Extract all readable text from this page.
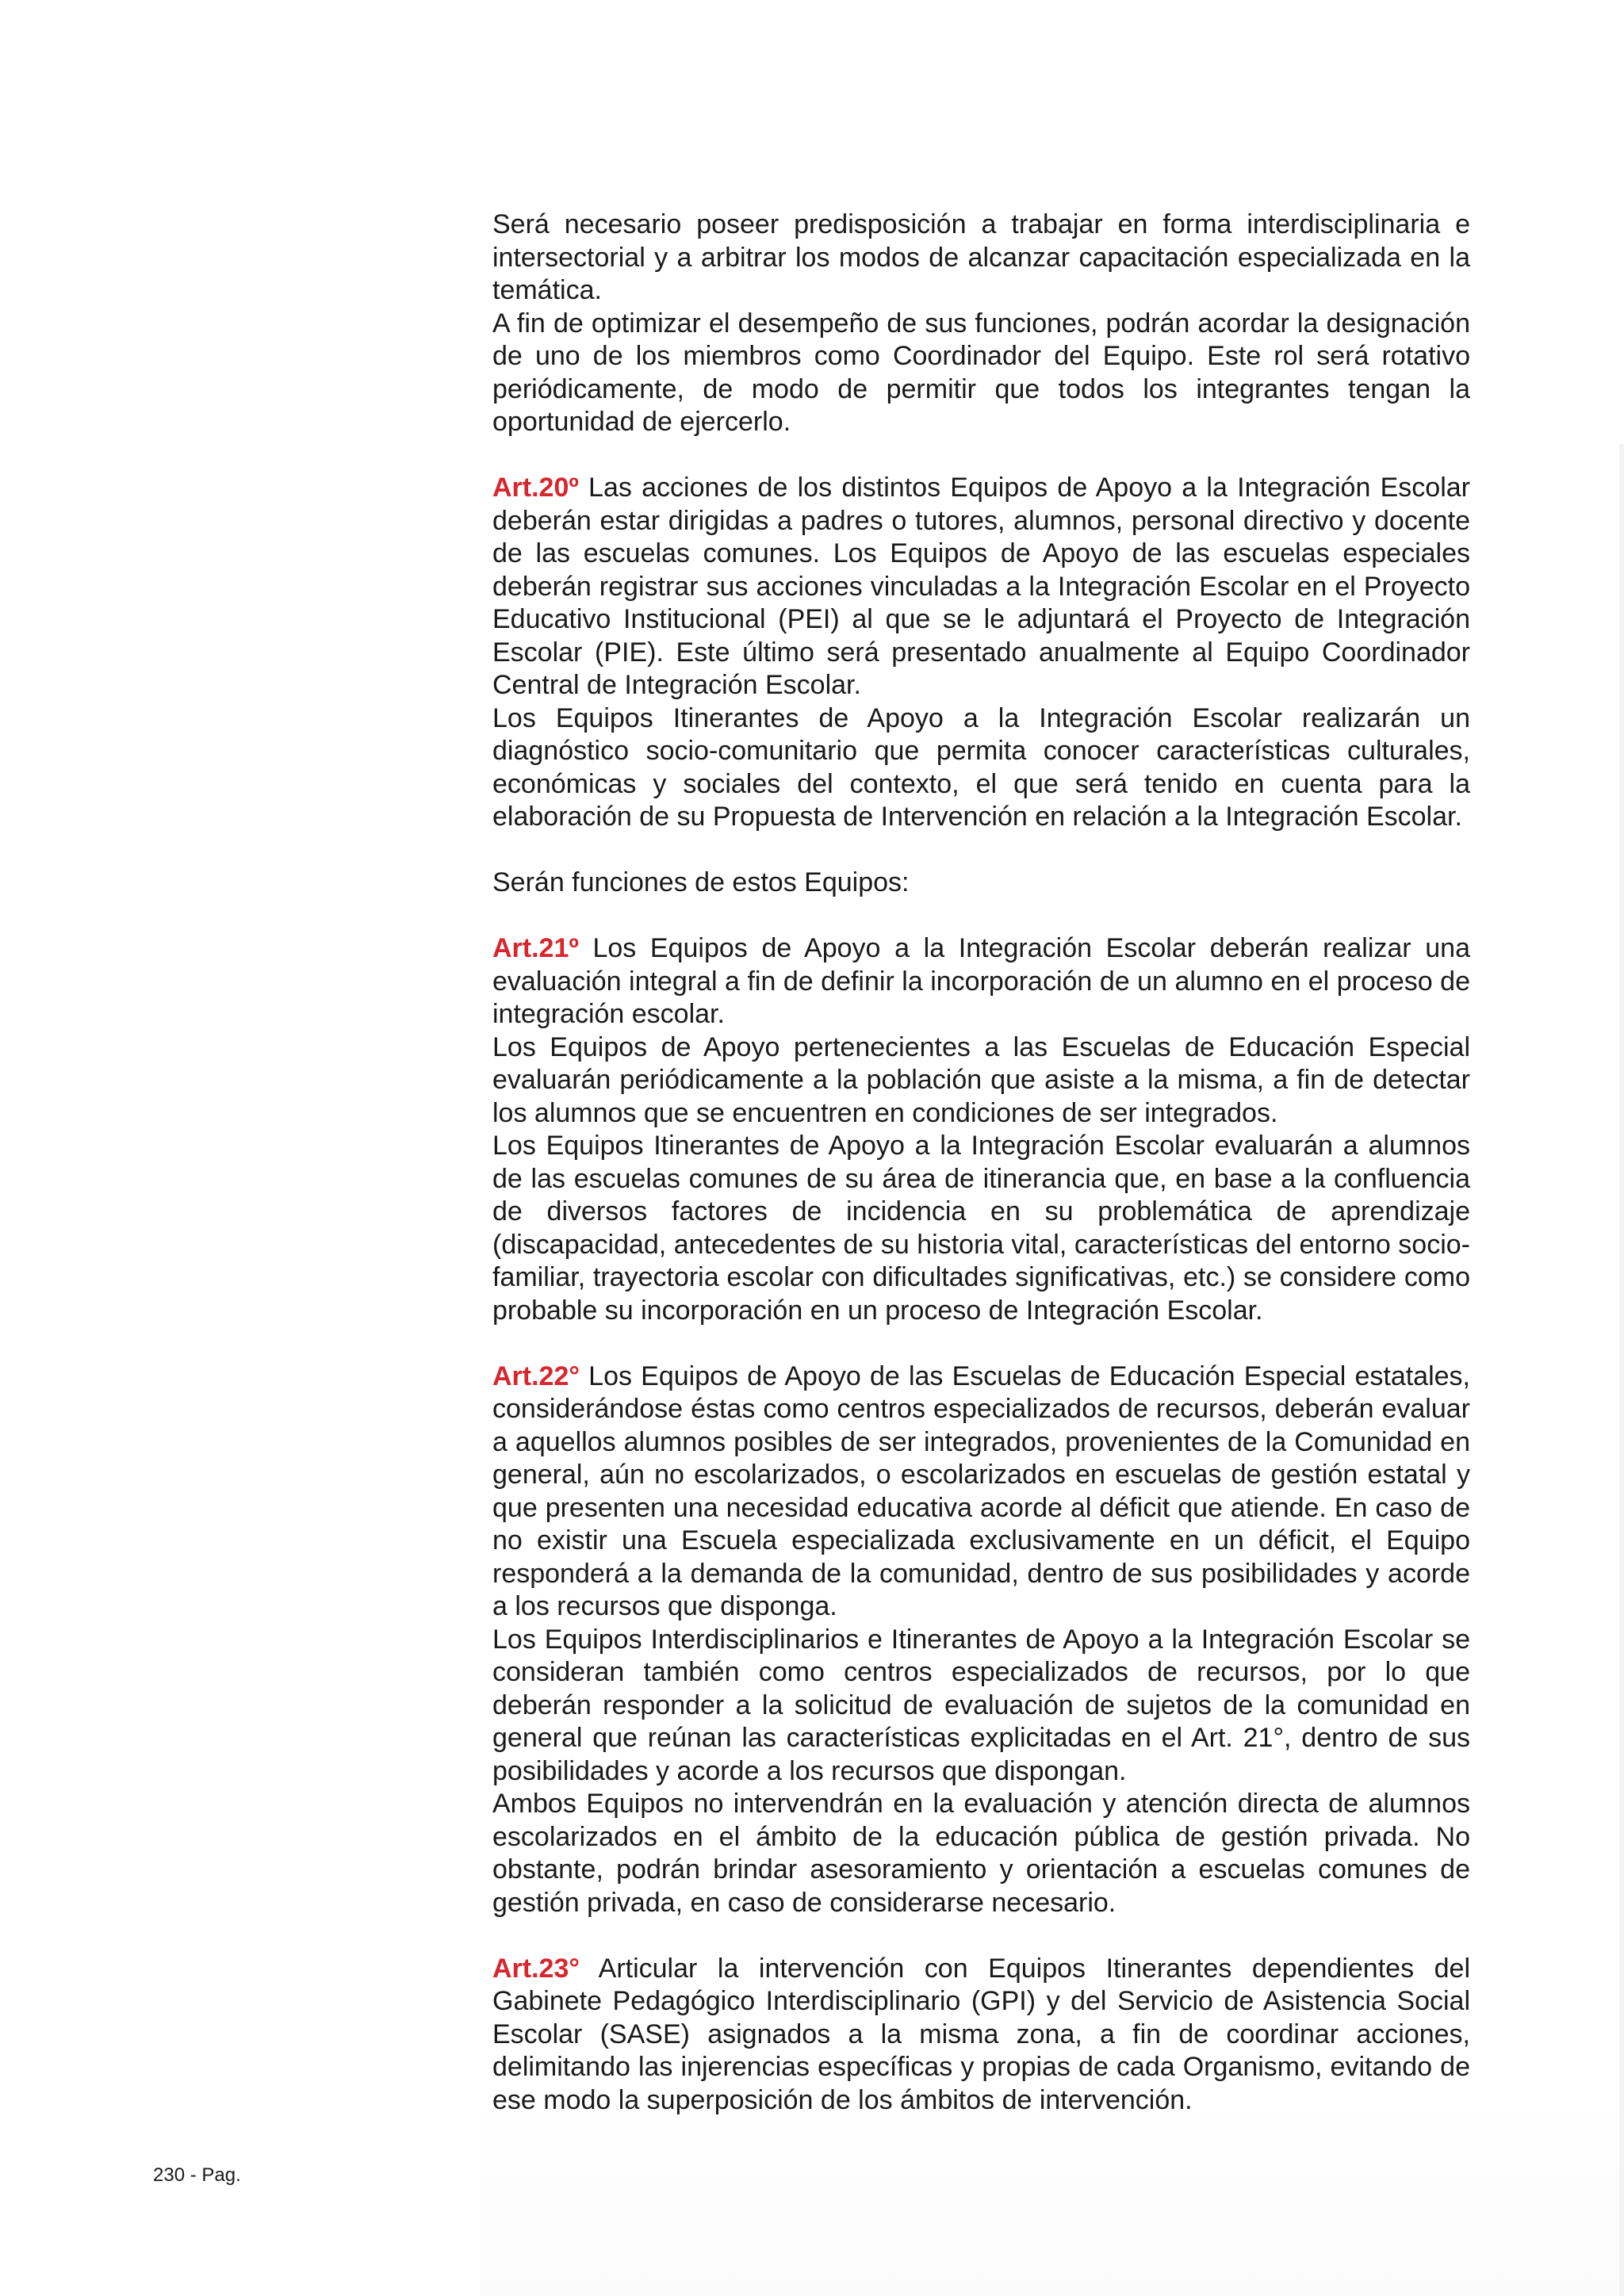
Será necesario poseer predisposición a trabajar en forma interdisciplinaria e intersectorial y a arbitrar los modos de alcanzar capacitación especializada en la temática.

A fin de optimizar el desempeño de sus funciones, podrán acordar la designación de uno de los miembros como Coordinador del Equipo. Este rol será rotativo periódicamente, de modo de permitir que todos los integrantes tengan la oportunidad de ejercerlo.

Art.20º Las acciones de los distintos Equipos de Apoyo a la Integración Escolar deberán estar dirigidas a padres o tutores, alumnos, personal directivo y docente de las escuelas comunes. Los Equipos de Apoyo de las escuelas especiales deberán registrar sus acciones vinculadas a la Integración Escolar en el Proyecto Educativo Institucional (PEI) al que se le adjuntará el Proyecto de Integración Escolar (PIE). Este último será presentado anualmente al Equipo Coordinador Central de Integración Escolar.

Los Equipos Itinerantes de Apoyo a la Integración Escolar realizarán un diagnóstico socio-comunitario que permita conocer características culturales, económicas y sociales del contexto, el que será tenido en cuenta para la elaboración de su Propuesta de Intervención en relación a la Integración Escolar.

Serán funciones de estos Equipos:

Art.21º Los Equipos de Apoyo a la Integración Escolar deberán realizar una evaluación integral a fin de definir la incorporación de un alumno en el proceso de integración escolar.

Los Equipos de Apoyo pertenecientes a las Escuelas de Educación Especial evaluarán periódicamente a la población que asiste a la misma, a fin de detectar los alumnos que se encuentren en condiciones de ser integrados.

Los Equipos Itinerantes de Apoyo a la Integración Escolar evaluarán a alumnos de las escuelas comunes de su área de itinerancia que, en base a la confluencia de diversos factores de incidencia en su problemática de aprendizaje (discapacidad, antecedentes de su historia vital, características del entorno socio- familiar, trayectoria escolar con dificultades significativas, etc.) se considere como probable su incorporación en un proceso de Integración Escolar.

Art.22° Los Equipos de Apoyo de las Escuelas de Educación Especial estatales, considerándose éstas como centros especializados de recursos, deberán evaluar a aquellos alumnos posibles de ser integrados, provenientes de la Comunidad en general, aún no escolarizados, o escolarizados en escuelas de gestión estatal y que presenten una necesidad educativa acorde al déficit que atiende. En caso de no existir una Escuela especializada exclusivamente en un déficit, el Equipo responderá a la demanda de la comunidad, dentro de sus posibilidades y acorde a los recursos que disponga.

Los Equipos Interdisciplinarios e Itinerantes de Apoyo a la Integración Escolar se consideran también como centros especializados de recursos, por lo que deberán responder a la solicitud de evaluación de sujetos de la comunidad en general que reúnan las características explicitadas en el Art. 21°, dentro de sus posibilidades y acorde a los recursos que dispongan.

Ambos Equipos no intervendrán en la evaluación y atención directa de alumnos escolarizados en el ámbito de la educación pública de gestión privada. No obstante, podrán brindar asesoramiento y orientación a escuelas comunes de gestión privada, en caso de considerarse necesario.

Art.23° Articular la intervención con Equipos Itinerantes dependientes del Gabinete Pedagógico Interdisciplinario (GPI) y del Servicio de Asistencia Social Escolar (SASE) asignados a la misma zona, a fin de coordinar acciones, delimitando las injerencias específicas y propias de cada Organismo, evitando de ese modo la superposición de los ámbitos de intervención.

230 - Pag.
